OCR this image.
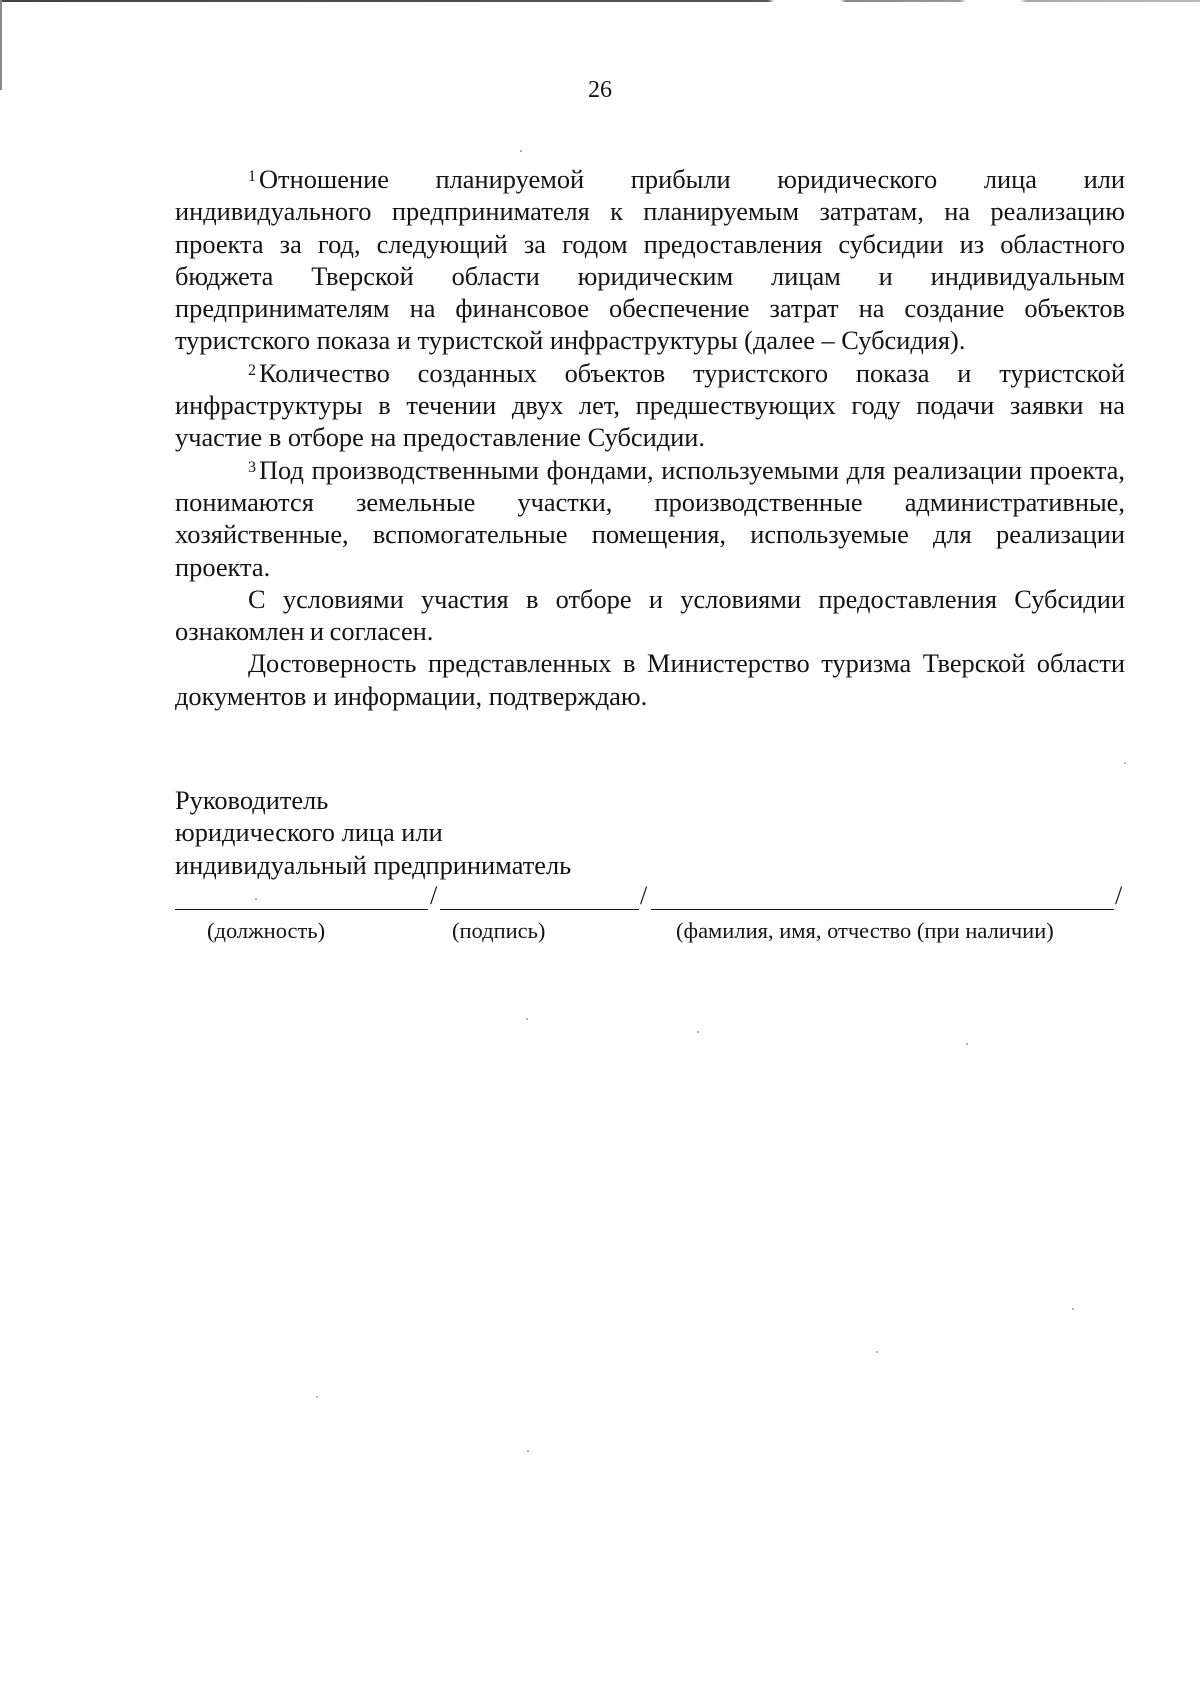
26

$^1$ Отношение планируемой прибыли юридического лица или индивидуального предпринимателя к планируемым затратам, на реализацию проекта за год, следующий за годом предоставления субсидии из областного бюджета Тверской области юридическим лицам и индивидуальным предпринимателям на финансовое обеспечение затрат на создание объектов туристского показа и туристской инфраструктуры (далее – Субсидия).

$^2$ Количество созданных объектов туристского показа и туристской инфраструктуры в течении двух лет, предшествующих году подачи заявки на участие в отборе на предоставление Субсидии.

$^3$ Под производственными фондами, используемыми для реализации проекта, понимаются земельные участки, производственные административные, хозяйственные, вспомогательные помещения, используемые для реализации проекта.

С условиями участия в отборе и условиями предоставления Субсидии ознакомлен и согласен.

Достоверность представленных в Министерство туризма Тверской области документов и информации, подтверждаю.

Руководитель
юридического лица или
индивидуальный предприниматель
/	/	/
(должность)	(подпись)	(фамилия, имя, отчество (при наличии)
